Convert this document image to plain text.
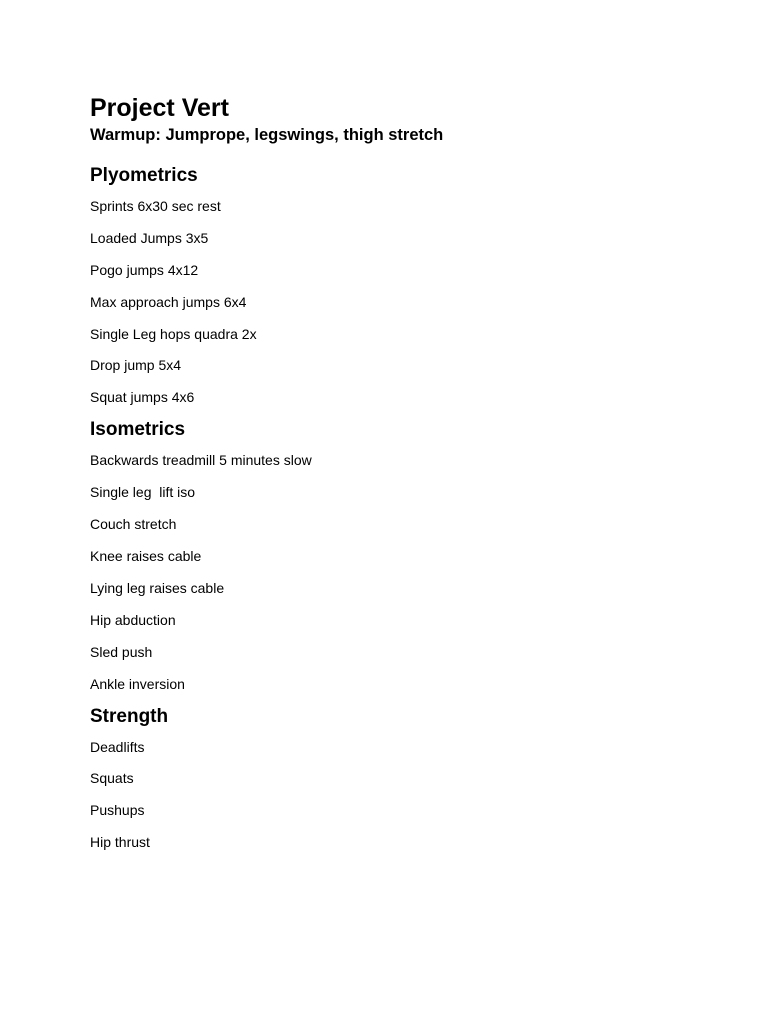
Project Vert
Warmup: Jumprope, legswings, thigh stretch
Plyometrics
Sprints 6x30 sec rest
Loaded Jumps 3x5
Pogo jumps 4x12
Max approach jumps 6x4
Single Leg hops quadra 2x
Drop jump 5x4
Squat jumps 4x6
Isometrics
Backwards treadmill 5 minutes slow
Single leg  lift iso
Couch stretch
Knee raises cable
Lying leg raises cable
Hip abduction
Sled push
Ankle inversion
Strength
Deadlifts
Squats
Pushups
Hip thrust
